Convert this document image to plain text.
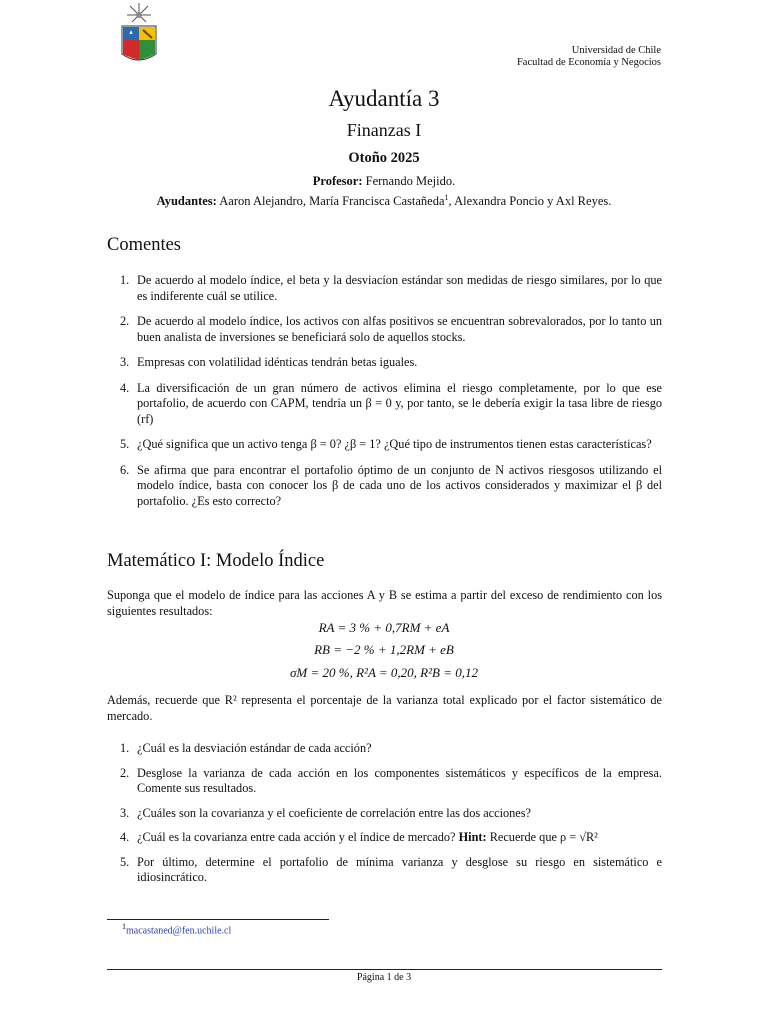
Universidad de Chile
Facultad de Economía y Negocios
Ayudantía 3
Finanzas I
Otoño 2025
Profesor: Fernando Mejido.
Ayudantes: Aaron Alejandro, María Francisca Castañeda$^1$, Alexandra Poncio y Axl Reyes.
Comentes
1. De acuerdo al modelo índice, el beta y la desviacíon estándar son medidas de riesgo similares, por lo que es indiferente cuál se utilice.
2. De acuerdo al modelo índice, los activos con alfas positivos se encuentran sobrevalorados, por lo tanto un buen analista de inversiones se beneficiará solo de aquellos stocks.
3. Empresas con volatilidad idénticas tendrán betas iguales.
4. La diversificación de un gran número de activos elimina el riesgo completamente, por lo que ese portafolio, de acuerdo con CAPM, tendría un β = 0 y, por tanto, se le debería exigir la tasa libre de riesgo (rf)
5. ¿Qué significa que un activo tenga β = 0? ¿β = 1? ¿Qué tipo de instrumentos tienen estas características?
6. Se afirma que para encontrar el portafolio óptimo de un conjunto de N activos riesgosos utilizando el modelo índice, basta con conocer los β de cada uno de los activos considerados y maximizar el β del portafolio. ¿Es esto correcto?
Matemático I: Modelo Índice
Suponga que el modelo de índice para las acciones A y B se estima a partir del exceso de rendimiento con los siguientes resultados:
RA = 3 % + 0,7RM + eA
RB = −2 % + 1,2RM + eB
σM = 20 %, R²A = 0,20, R²B = 0,12
Además, recuerde que R² representa el porcentaje de la varianza total explicado por el factor sistemático de mercado.
1. ¿Cuál es la desviación estándar de cada acción?
2. Desglose la varianza de cada acción en los componentes sistemáticos y específicos de la empresa. Comente sus resultados.
3. ¿Cuáles son la covarianza y el coeficiente de correlación entre las dos acciones?
4. ¿Cuál es la covarianza entre cada acción y el índice de mercado? Hint: Recuerde que ρ = √R²
5. Por último, determine el portafolio de mínima varianza y desglose su riesgo en sistemático e idiosincrático.
$^1$macastaned@fen.uchile.cl
Página 1 de 3
